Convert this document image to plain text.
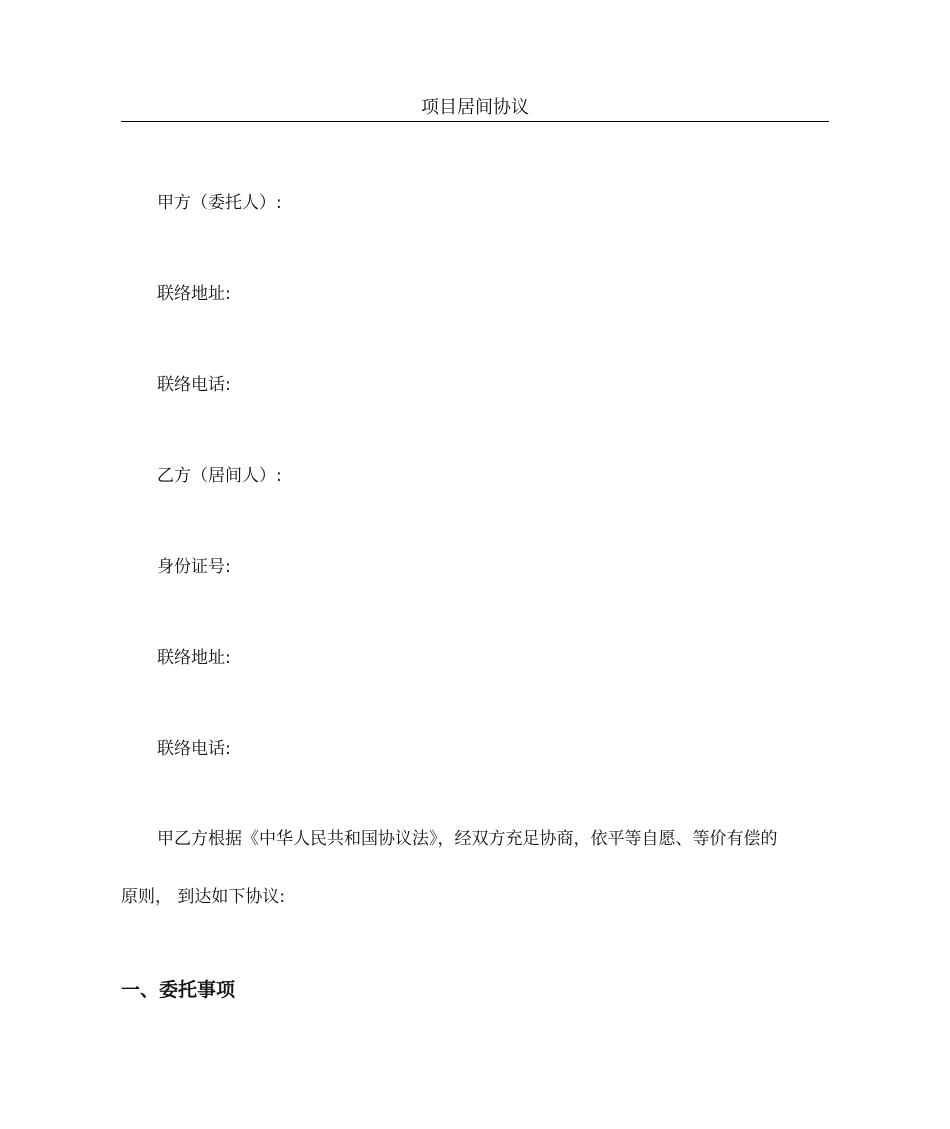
项目居间协议
甲方（委托人）:
联络地址:
联络电话:
乙方（居间人）:
身份证号:
联络地址:
联络电话:
甲乙方根据《中华人民共和国协议法》，经双方充足协商，依平等自愿、等价有偿的
原则， 到达如下协议:
一、委托事项
